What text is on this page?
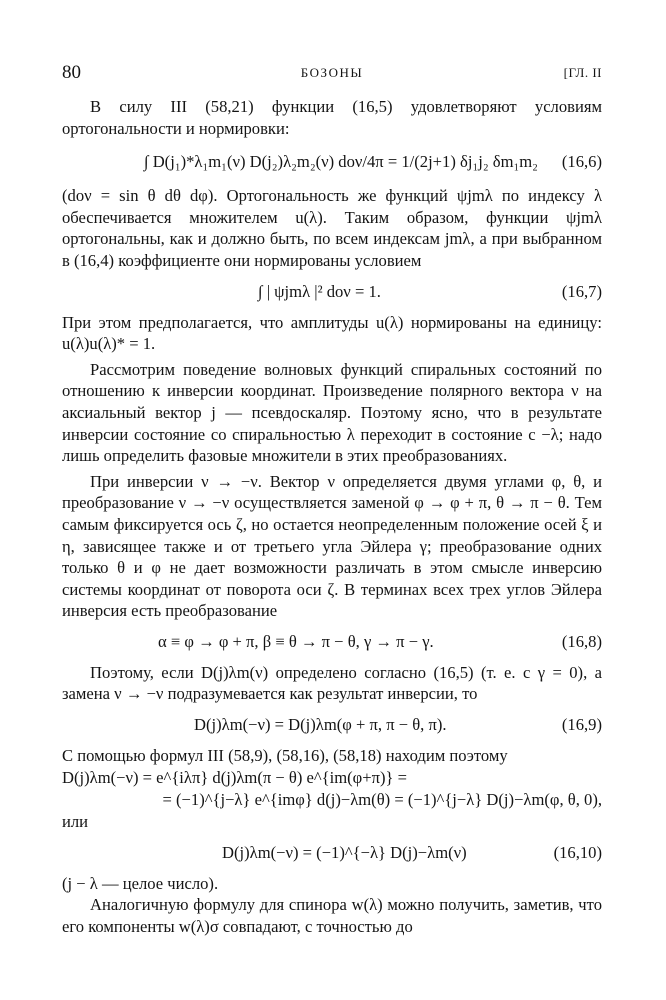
80	БОЗОНЫ	[ГЛ. II

В силу III (58,21) функции (16,5) удовлетворяют условиям ортогональности и нормировки:

∫ D(j₁)*λ₁m₁(ν) D(j₂)λ₂m₂(ν) doν/4π = 1/(2j+1) δj₁j₂ δm₁m₂ (16,6)

(doν = sin θ dθ dφ). Ортогональность же функций ψjmλ по индексу λ обеспечивается множителем u(λ). Таким образом, функции ψjmλ ортогональны, как и должно быть, по всем индексам jmλ, а при выбранном в (16,4) коэффициенте они нормированы условием

∫ | ψjmλ |² doν = 1.	(16,7)

При этом предполагается, что амплитуды u(λ) нормированы на единицу: u(λ)u(λ)* = 1.

Рассмотрим поведение волновых функций спиральных состояний по отношению к инверсии координат. Произведение полярного вектора ν на аксиальный вектор j — псевдоскаляр. Поэтому ясно, что в результате инверсии состояние со спиральностью λ переходит в состояние с −λ; надо лишь определить фазовые множители в этих преобразованиях.

При инверсии ν → −ν. Вектор ν определяется двумя углами φ, θ, и преобразование ν → −ν осуществляется заменой φ → φ + π, θ → π − θ. Тем самым фиксируется ось ζ, но остается неопределенным положение осей ξ и η, зависящее также и от третьего угла Эйлера γ; преобразование одних только θ и φ не дает возможности различать в этом смысле инверсию системы координат от поворота оси ζ. В терминах всех трех углов Эйлера инверсия есть преобразование

α ≡ φ → φ + π, β ≡ θ → π − θ, γ → π − γ.	(16,8)

Поэтому, если D(j)λm(ν) определено согласно (16,5) (т. е. с γ = 0), а замена ν → −ν подразумевается как результат инверсии, то

D(j)λm(−ν) = D(j)λm(φ + π, π − θ, π).	(16,9)

С помощью формул III (58,9), (58,16), (58,18) находим поэтому

D(j)λm(−ν) = e^{iλπ} d(j)λm(π − θ) e^{im(φ+π)} =
= (−1)^{j−λ} e^{imφ} d(j)−λm(θ) = (−1)^{j−λ} D(j)−λm(φ, θ, 0),
или
D(j)λm(−ν) = (−1)^{−λ} D(j)−λm(ν)	(16,10)

(j − λ — целое число).

Аналогичную формулу для спинора w(λ) можно получить, заметив, что его компоненты w(λ)σ совпадают, с точностью до
